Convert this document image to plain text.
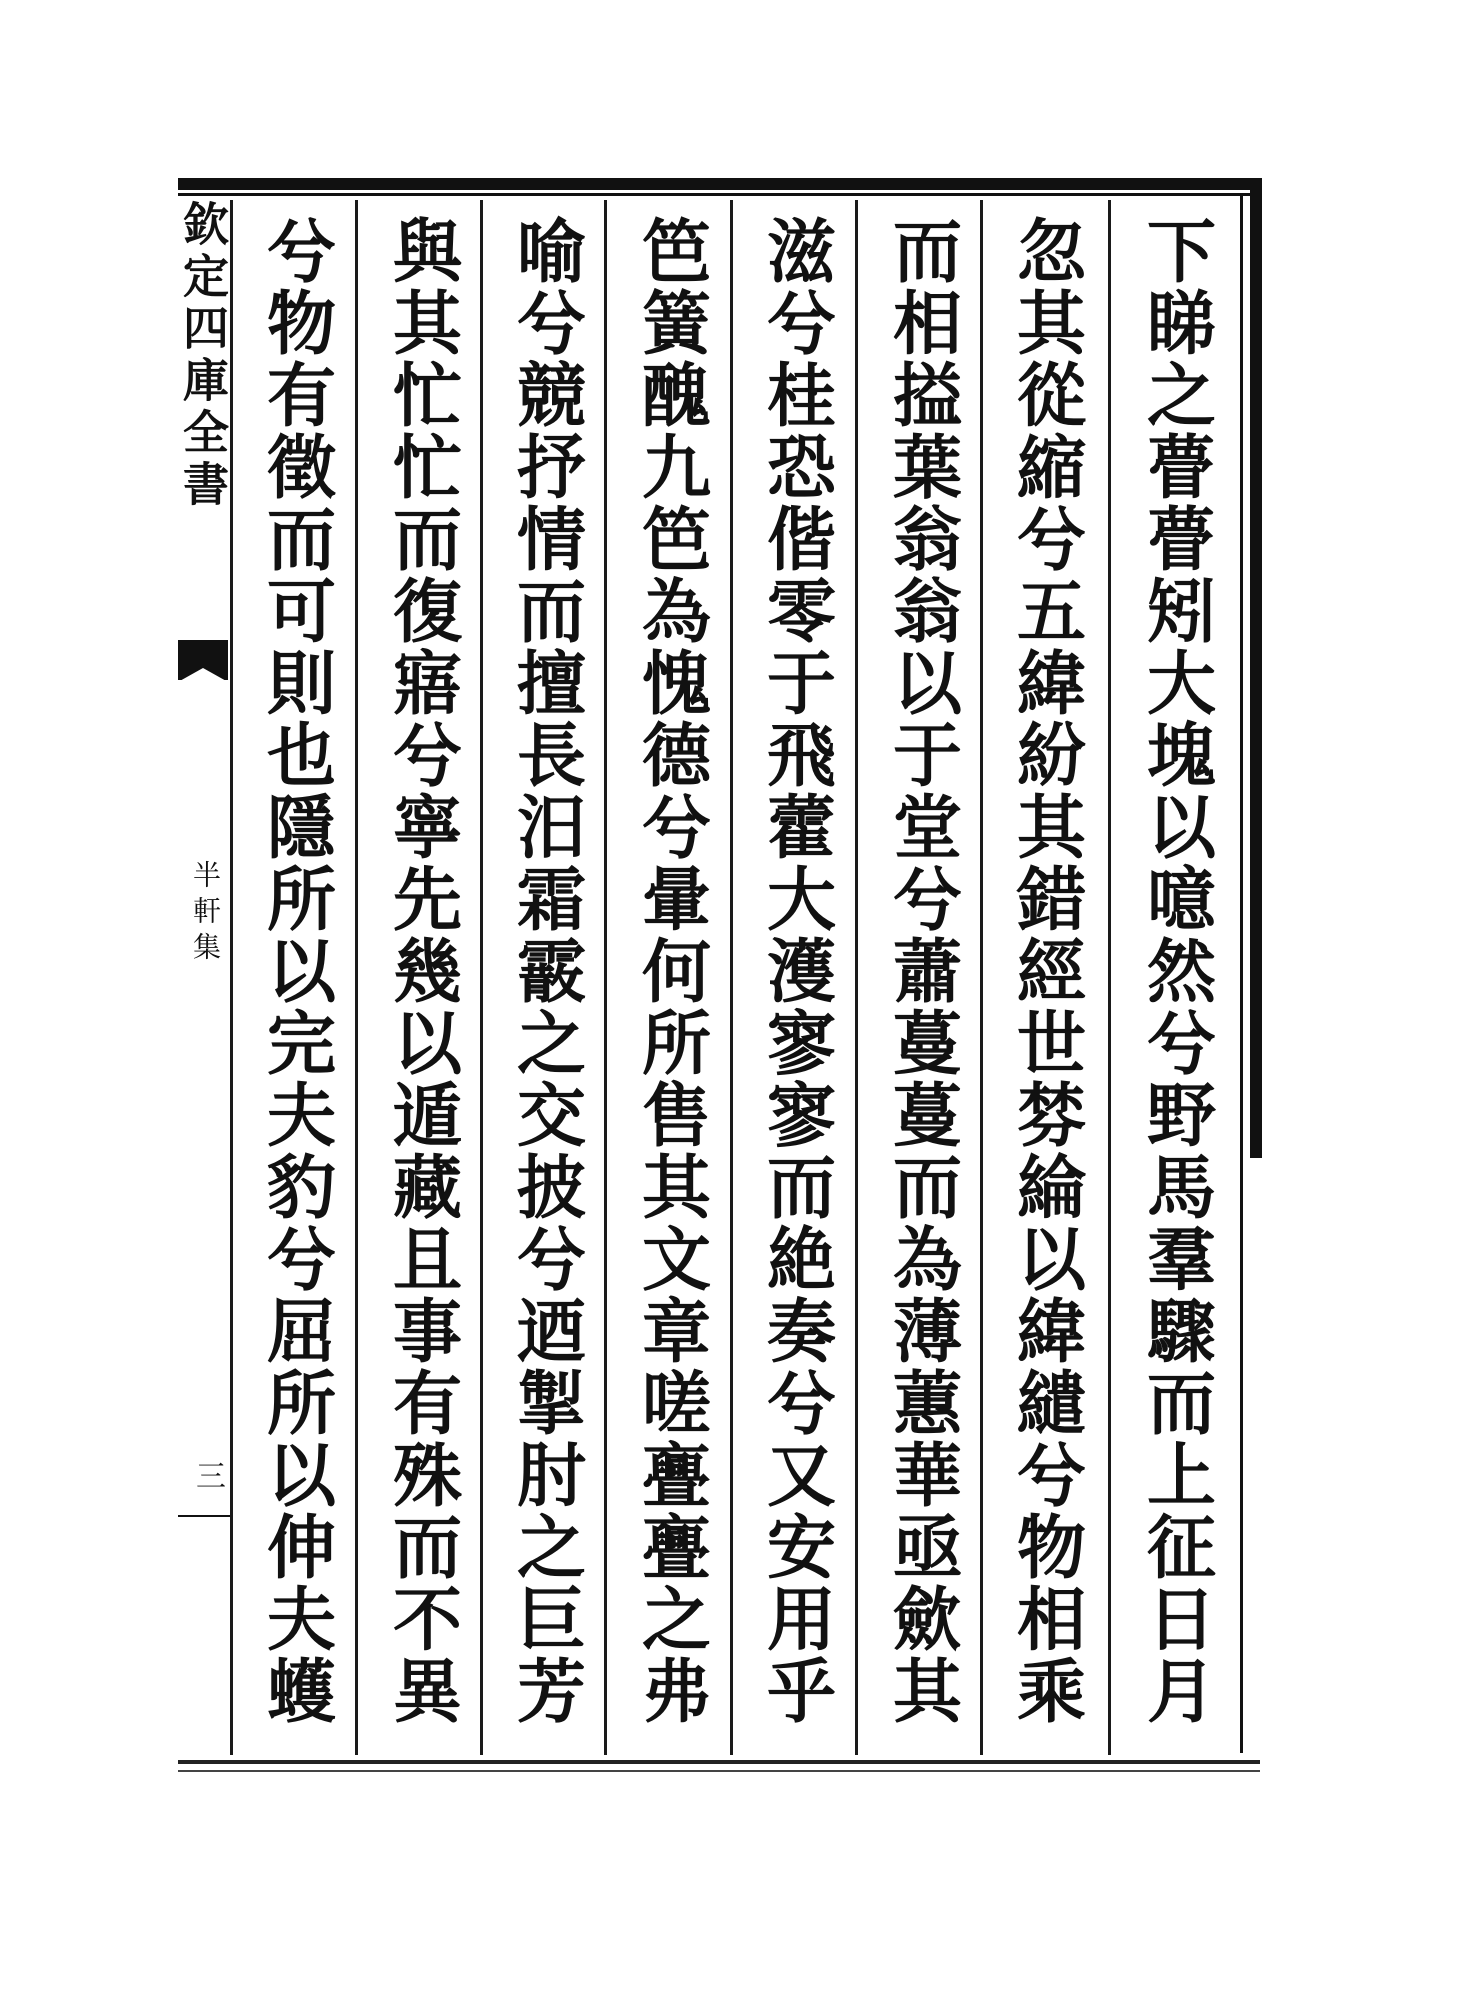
下睇之瞢瞢矧大塊以噫然兮野馬羣驟而上征日月
忽其從縮兮五緯紛其錯經世棼綸以緯繾兮物相乘
而相搤葉翁翁以于堂兮蕭蔓蔓而為薄蕙華亟歛其
滋兮桂恐偕零于飛藿大濩寥寥而絶奏兮又安用乎
笆簧醜九笆為愧德兮暈何所售其文章嗟亹亹之弗
喻兮競抒情而擅長汨霜霰之交披兮迺掣肘之巨芳
與其忙忙而復寤兮寧先幾以遁藏且事有殊而不異
兮物有徵而可則也隱所以完夫豹兮屈所以伸夫蠖
欽定四庫全書
半軒集
三
